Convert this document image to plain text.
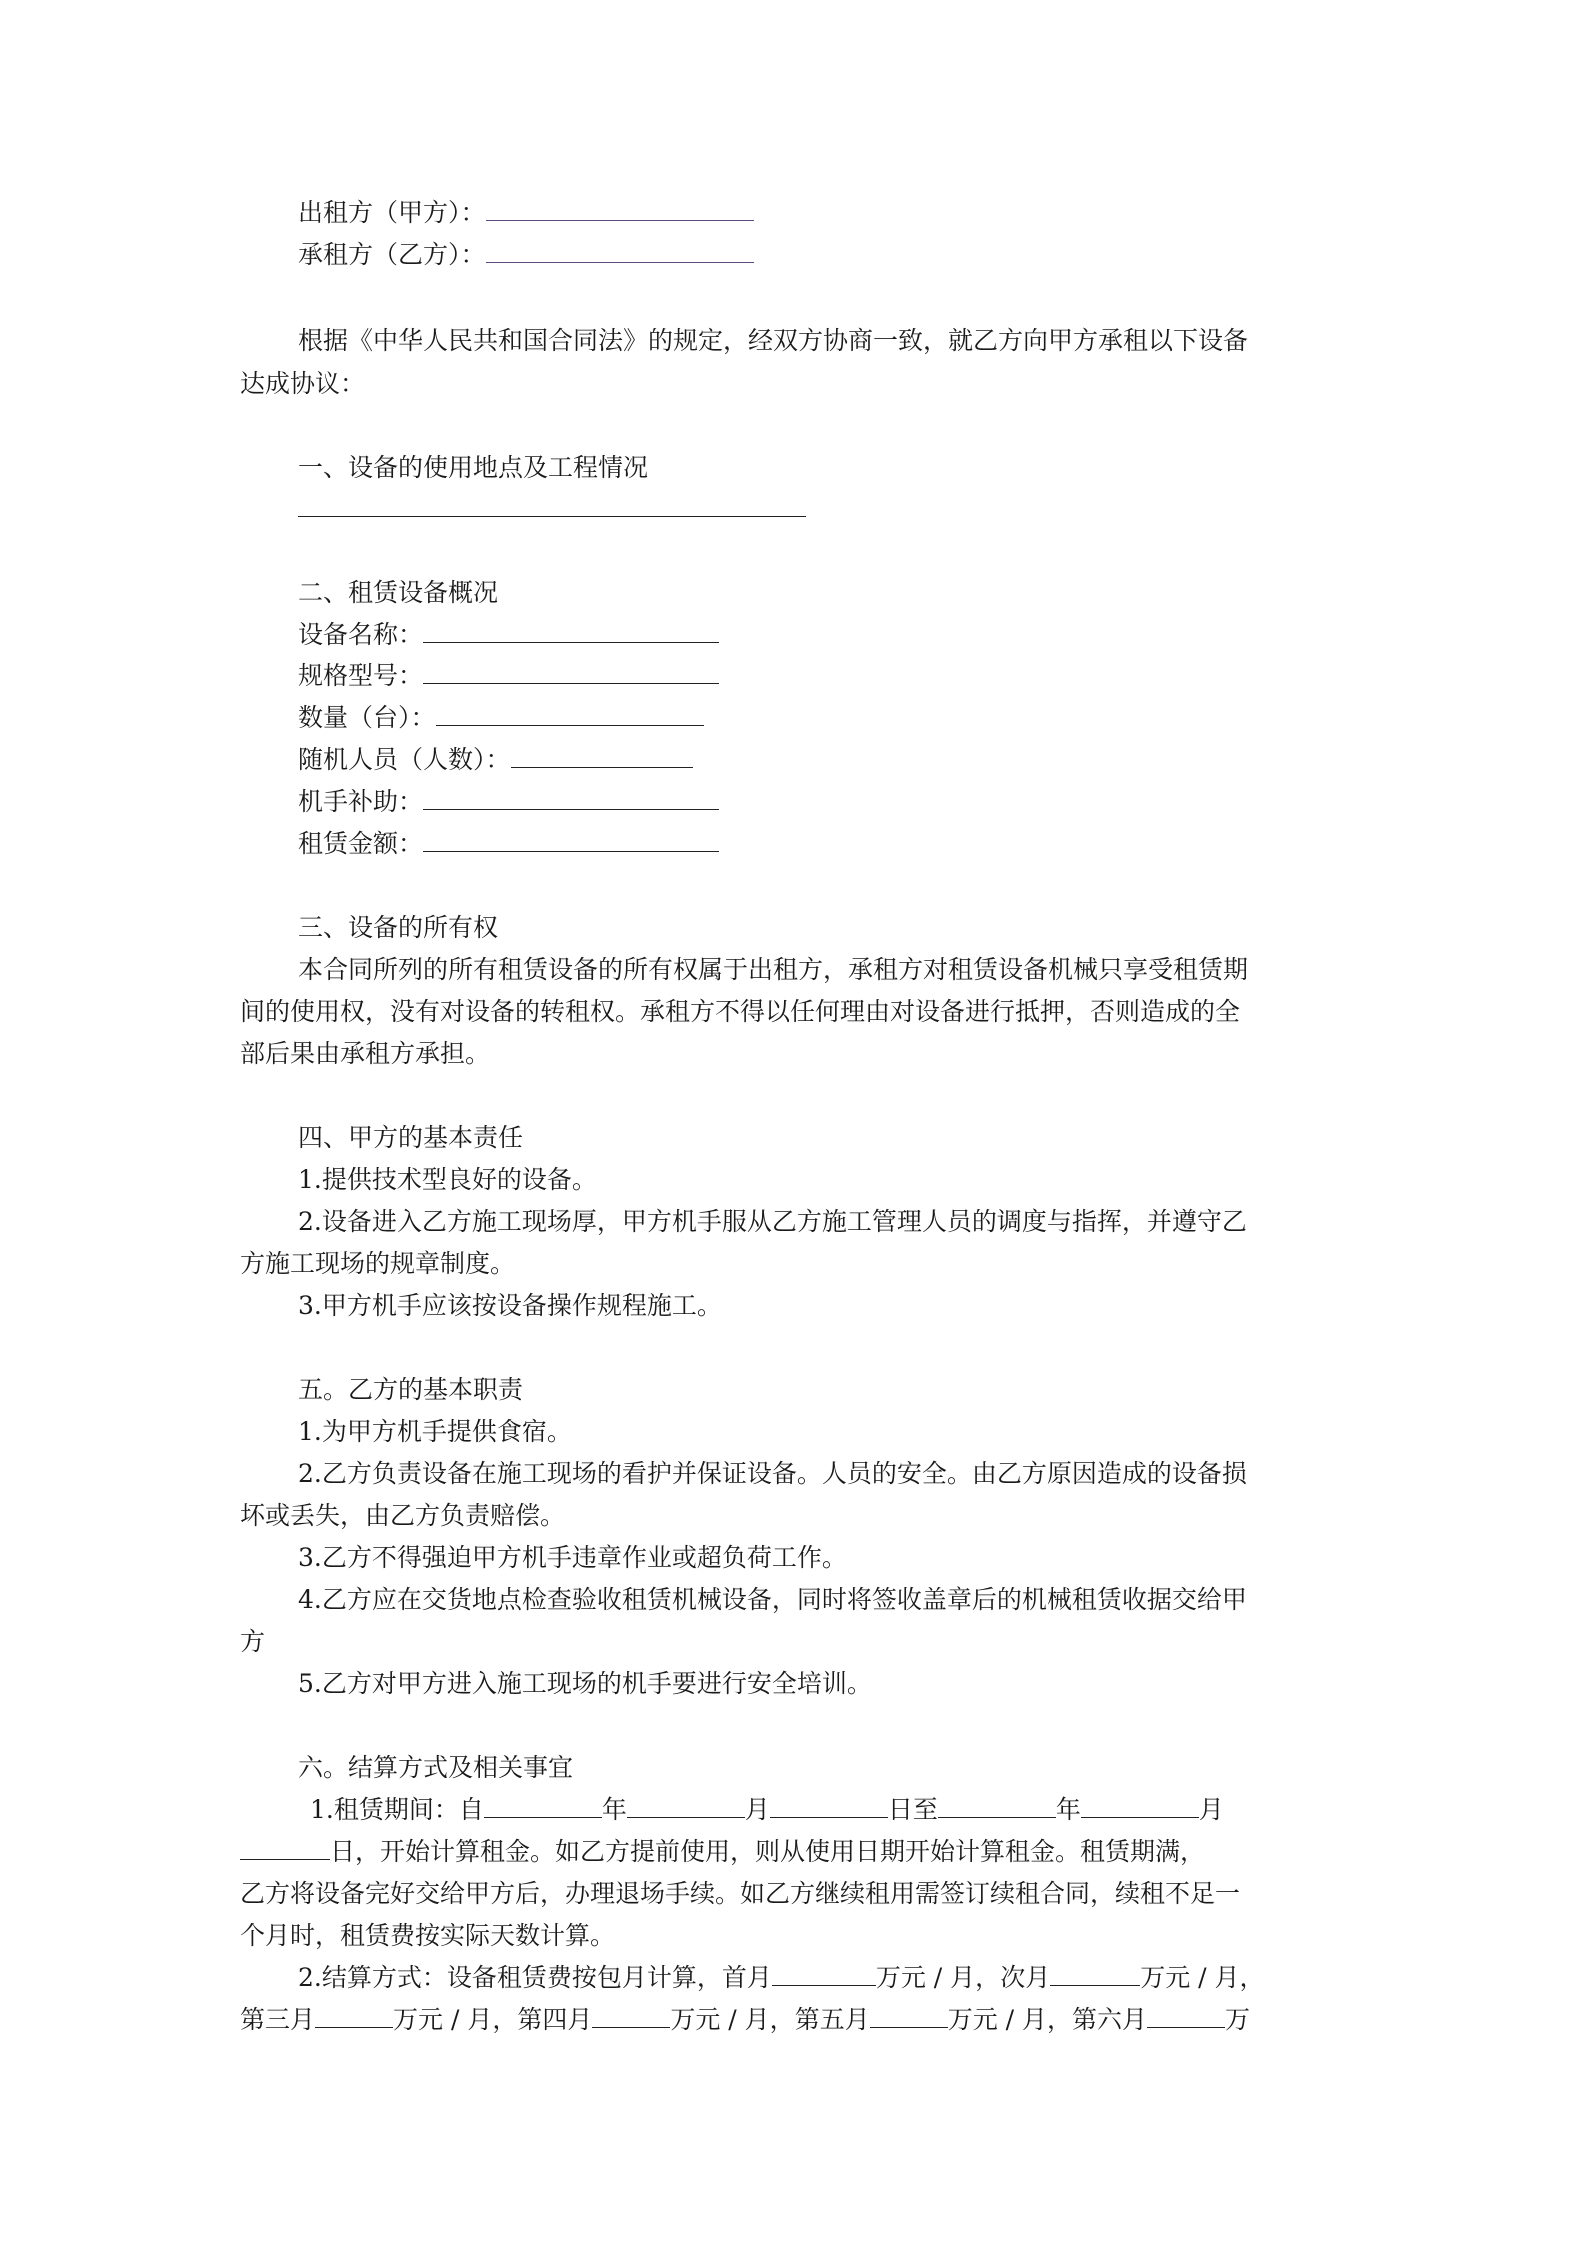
出租方（甲方）：
承租方（乙方）：
根据《中华人民共和国合同法》的规定，经双方协商一致，就乙方向甲方承租以下设备
达成协议：
一、设备的使用地点及工程情况
二、租赁设备概况
设备名称：
规格型号：
数量（台）：
随机人员（人数）：
机手补助：
租赁金额：
三、设备的所有权
本合同所列的所有租赁设备的所有权属于出租方，承租方对租赁设备机械只享受租赁期
间的使用权，没有对设备的转租权。承租方不得以任何理由对设备进行抵押，否则造成的全
部后果由承租方承担。
四、甲方的基本责任
1.提供技术型良好的设备。
2.设备进入乙方施工现场厚，甲方机手服从乙方施工管理人员的调度与指挥，并遵守乙
方施工现场的规章制度。
3.甲方机手应该按设备操作规程施工。
五。乙方的基本职责
1.为甲方机手提供食宿。
2.乙方负责设备在施工现场的看护并保证设备。人员的安全。由乙方原因造成的设备损
坏或丢失，由乙方负责赔偿。
3.乙方不得强迫甲方机手违章作业或超负荷工作。
4.乙方应在交货地点检查验收租赁机械设备，同时将签收盖章后的机械租赁收据交给甲
方
5.乙方对甲方进入施工现场的机手要进行安全培训。
六。结算方式及相关事宜
1.租赁期间：自	年	月	日至	年	月
日，开始计算租金。如乙方提前使用，则从使用日期开始计算租金。租赁期满，
乙方将设备完好交给甲方后，办理退场手续。如乙方继续租用需签订续租合同，续租不足一
个月时，租赁费按实际天数计算。
2.结算方式：设备租赁费按包月计算，首月	万元 / 月，次月	万元 / 月，
第三月	万元 / 月，第四月	万元 / 月，第五月	万元 / 月，第六月	万
